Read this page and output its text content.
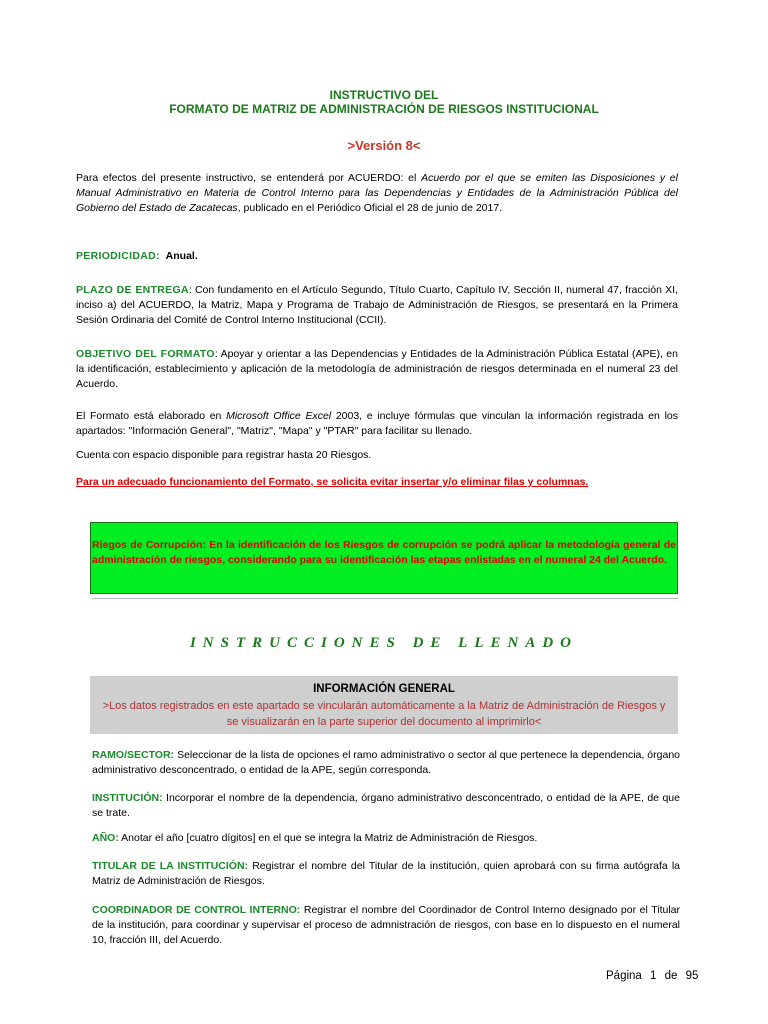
INSTRUCTIVO DEL
FORMATO DE MATRIZ DE ADMINISTRACIÓN DE RIESGOS INSTITUCIONAL
>Versión 8<
Para efectos del presente instructivo, se entenderá por ACUERDO: el Acuerdo por el que se emiten las Disposiciones y el Manual Administrativo en Materia de Control Interno para las Dependencias y Entidades de la Administración Pública del Gobierno del Estado de Zacatecas, publicado en el Periódico Oficial el 28 de junio de 2017.
PERIODICIDAD: Anual.
PLAZO DE ENTREGA: Con fundamento en el Artículo Segundo, Título Cuarto, Capítulo IV, Sección II, numeral 47, fracción XI, inciso a) del ACUERDO, la Matriz, Mapa y Programa de Trabajo de Administración de Riesgos, se presentará en la Primera Sesión Ordinaria del Comité de Control Interno Institucional (CCII).
OBJETIVO DEL FORMATO: Apoyar y orientar a las Dependencias y Entidades de la Administración Pública Estatal (APE), en la identificación, establecimiento y aplicación de la metodología de administración de riesgos determinada en el numeral 23 del Acuerdo.
El Formato está elaborado en Microsoft Office Excel 2003, e incluye fórmulas que vinculan la información registrada en los apartados: "Información General", "Matriz", "Mapa" y "PTAR" para facilitar su llenado.
Cuenta con espacio disponible para registrar hasta 20 Riesgos.
Para un adecuado funcionamiento del Formato, se solicita evitar insertar y/o eliminar filas y columnas.
Riegos de Corrupción: En la identificación de los Riesgos de corrupción se podrá aplicar la metodología general de administración de riesgos, considerando para su identificación las etapas enlistadas en el numeral 24 del Acuerdo.
INSTRUCCIONES DE LLENADO
INFORMACIÓN GENERAL
>Los datos registrados en este apartado se vincularán automáticamente a la Matriz de Administración de Riesgos y se visualizarán en la parte superior del documento al imprimirlo<
RAMO/SECTOR: Seleccionar de la lista de opciones el ramo administrativo o sector al que pertenece la dependencia, órgano administrativo desconcentrado, o entidad de la APE, según corresponda.
INSTITUCIÓN: Incorporar el nombre de la dependencia, órgano administrativo desconcentrado, o entidad de la APE, de que se trate.
AÑO: Anotar el año [cuatro dígitos] en el que se integra la Matriz de Administración de Riesgos.
TITULAR DE LA INSTITUCIÓN: Registrar el nombre del Titular de la institución, quien aprobará con su firma autógrafa la Matriz de Administración de Riesgos.
COORDINADOR DE CONTROL INTERNO: Registrar el nombre del Coordinador de Control Interno designado por el Titular de la institución, para coordinar y supervisar el proceso de admnistración de riesgos, con base en lo dispuesto en el numeral 10, fracción III, del Acuerdo.
Página 1 de 95
